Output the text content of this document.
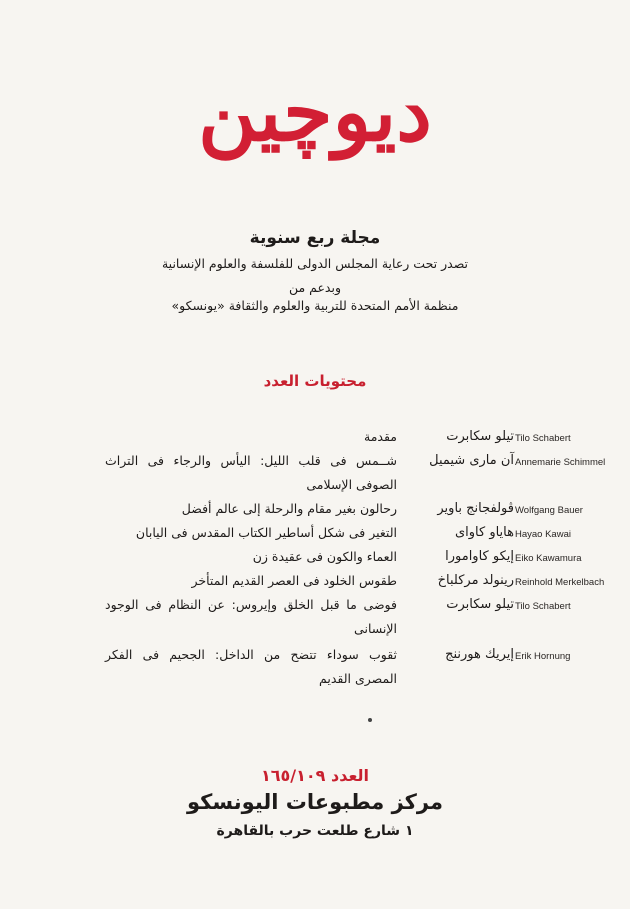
ديوچين
مجلة ربع سنوية
تصدر تحت رعاية المجلس الدولى للفلسفة والعلوم الإنسانية
وبدعم من
منظمة الأمم المتحدة للتربية والعلوم والثقافة «يونسكو»
محتويات العدد
Tilo Schabert
تيلو سكابرت
مقدمة
Annemarie Schimmel
آن مارى شيميل
شــمس فى قلب الليل: اليأس والرجاء فى التراث الصوفى الإسلامى
Wolfgang Bauer
ڤولفجانج باوير
رحالون بغير مقام والرحلة إلى عالم أفضل
Hayao Kawai
هاياو كاواى
التغير فى شكل أساطير الكتاب المقدس فى اليابان
Eiko Kawamura
إيكو كاوامورا
العماء والكون فى عقيدة زن
Reinhold Merkelbach
رينولد مركلباخ
طقوس الخلود فى العصر القديم المتأخر
Tilo Schabert
تيلو سكابرت
فوضى ما قبل الخلق وإيروس: عن النظام فى الوجود الإنسانى
Erik Hornung
إيريك هورننج
ثقوب سوداء تتضح من الداخل: الجحيم فى الفكر المصرى القديم
العدد ١٦٥/١٠٩
مركز مطبوعات اليونسكو
١ شارع طلعت حرب بالقاهرة
